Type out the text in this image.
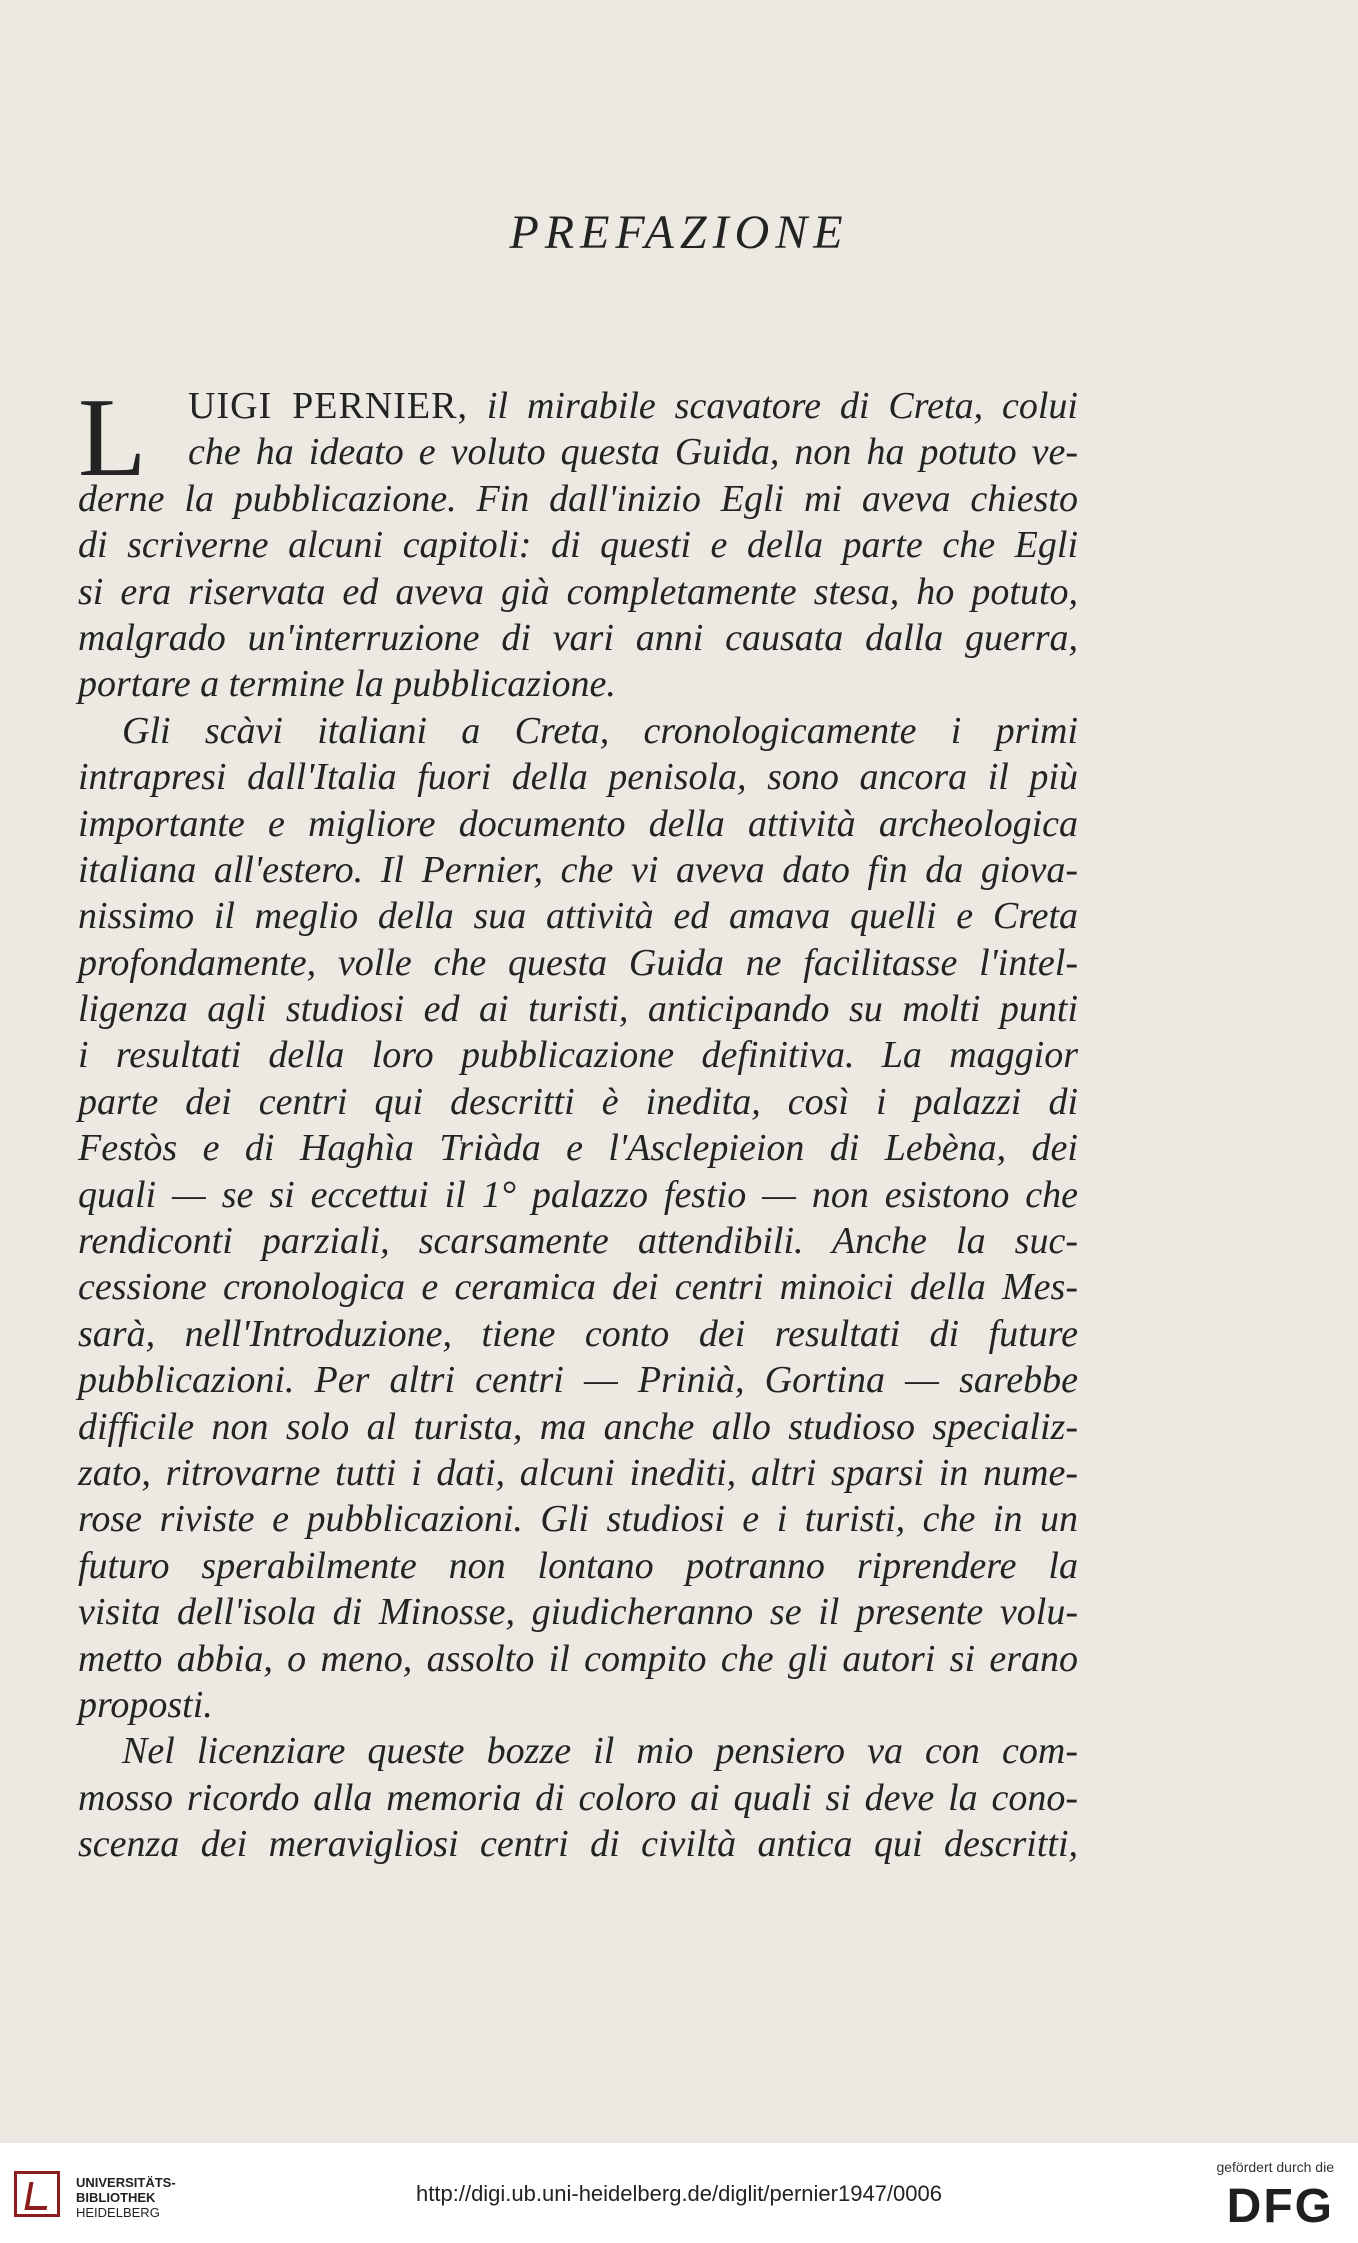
PREFAZIONE
L	UIGI PERNIER, il mirabile scavatore di Creta, colui
che ha ideato e voluto questa Guida, non ha potuto ve-
derne la pubblicazione. Fin dall'inizio Egli mi aveva chiesto
di scriverne alcuni capitoli: di questi e della parte che Egli
si era riservata ed aveva già completamente stesa, ho potuto,
malgrado un'interruzione di vari anni causata dalla guerra,
portare a termine la pubblicazione.
Gli scàvi italiani a Creta, cronologicamente i primi
intrapresi dall'Italia fuori della penisola, sono ancora il più
importante e migliore documento della attività archeologica
italiana all'estero. Il Pernier, che vi aveva dato fin da giova-
nissimo il meglio della sua attività ed amava quelli e Creta
profondamente, volle che questa Guida ne facilitasse l'intel-
ligenza agli studiosi ed ai turisti, anticipando su molti punti
i resultati della loro pubblicazione definitiva. La maggior
parte dei centri qui descritti è inedita, così i palazzi di
Festòs e di Haghìa Triàda e l'Asclepieion di Lebèna, dei
quali — se si eccettui il 1° palazzo festio — non esistono che
rendiconti parziali, scarsamente attendibili. Anche la suc-
cessione cronologica e ceramica dei centri minoici della Mes-
sarà, nell'Introduzione, tiene conto dei resultati di future
pubblicazioni. Per altri centri — Prinià, Gortina — sarebbe
difficile non solo al turista, ma anche allo studioso specializ-
zato, ritrovarne tutti i dati, alcuni inediti, altri sparsi in nume-
rose riviste e pubblicazioni. Gli studiosi e i turisti, che in un
futuro sperabilmente non lontano potranno riprendere la
visita dell'isola di Minosse, giudicheranno se il presente volu-
metto abbia, o meno, assolto il compito che gli autori si erano
proposti.
Nel licenziare queste bozze il mio pensiero va con com-
mosso ricordo alla memoria di coloro ai quali si deve la cono-
scenza dei meravigliosi centri di civiltà antica qui descritti,
UNIVERSITÄTS-
BIBLIOTHEK
HEIDELBERG
http://digi.ub.uni-heidelberg.de/diglit/pernier1947/0006
gefördert durch die
DFG
